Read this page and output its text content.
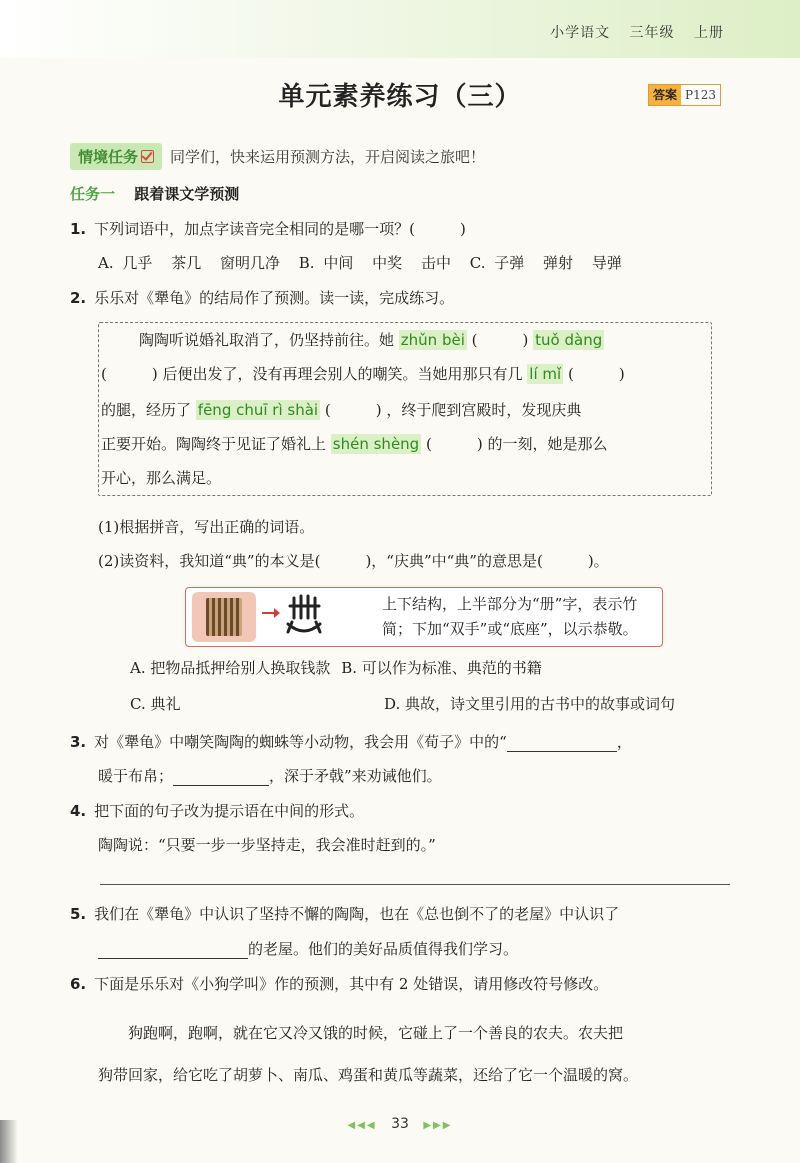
小学语文 三年级 上册
单元素养练习（三）	答案 P123
情境任务 同学们，快来运用预测方法，开启阅读之旅吧！
任务一 跟着课文学预测
1. 下列词语中，加点字读音完全相同的是哪一项？(　　　)
A. 几乎 茶几 窗明几净 B. 中间 中奖 击中 C. 子弹 弹射 导弹
2. 乐乐对《犟龟》的结局作了预测。读一读，完成练习。
陶陶听说婚礼取消了，仍坚持前往。她 zhǔn bèi (　　　) tuǒ dàng
(　　　) 后便出发了，没有再理会别人的嘲笑。当她用那只有几 lí mǐ (　　　)
的腿，经历了 fēng chuī rì shài (　　　) ，终于爬到宫殿时，发现庆典
正要开始。陶陶终于见证了婚礼上 shén shèng (　　　) 的一刻，她是那么
开心，那么满足。
(1)根据拼音，写出正确的词语。
(2)读资料，我知道“典”的本义是(　　　)，“庆典”中“典”的意思是(　　　)。
上下结构，上半部分为“册”字，表示竹简；下加“双手”或“底座”，以示恭敬。
A. 把物品抵押给别人换取钱款 B. 可以作为标准、典范的书籍
C. 典礼	D. 典故，诗文里引用的古书中的故事或词句
3. 对《犟龟》中嘲笑陶陶的蜘蛛等小动物，我会用《荀子》中的“	，
暖于布帛；	，深于矛戟”来劝诫他们。
4. 把下面的句子改为提示语在中间的形式。
陶陶说：“只要一步一步坚持走，我会准时赶到的。”
5. 我们在《犟龟》中认识了坚持不懈的陶陶，也在《总也倒不了的老屋》中认识了
的老屋。他们的美好品质值得我们学习。
6. 下面是乐乐对《小狗学叫》作的预测，其中有 2 处错误，请用修改符号修改。
狗跑啊，跑啊，就在它又冷又饿的时候，它碰上了一个善良的农夫。农夫把
狗带回家，给它吃了胡萝卜、南瓜、鸡蛋和黄瓜等蔬菜，还给了它一个温暖的窝。
◀◀◀ 33 ▶▶▶
